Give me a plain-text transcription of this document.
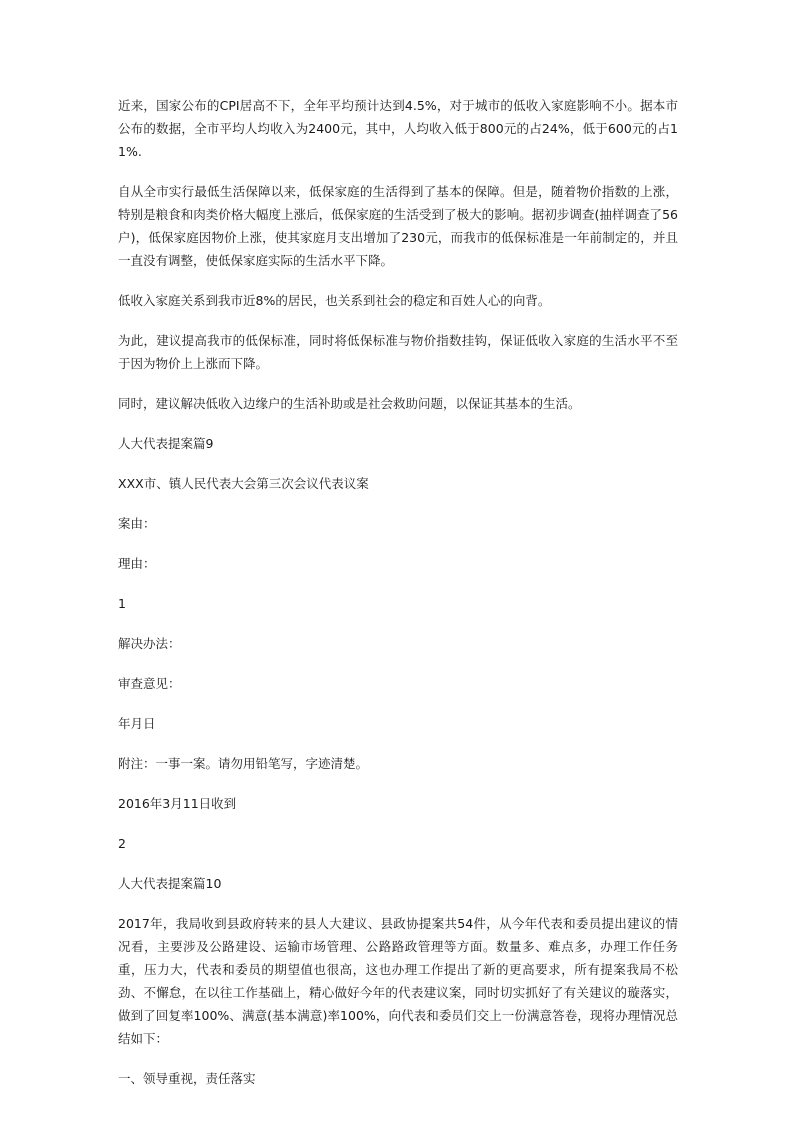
近来，国家公布的CPI居高不下，全年平均预计达到4.5%，对于城市的低收入家庭影响不小。据本市公布的数据，全市平均人均收入为2400元，其中，人均收入低于800元的占24%，低于600元的占11%.

自从全市实行最低生活保障以来，低保家庭的生活得到了基本的保障。但是，随着物价指数的上涨，特别是粮食和肉类价格大幅度上涨后，低保家庭的生活受到了极大的影响。据初步调查(抽样调查了56户)，低保家庭因物价上涨，使其家庭月支出增加了230元，而我市的低保标准是一年前制定的，并且一直没有调整，使低保家庭实际的生活水平下降。

低收入家庭关系到我市近8%的居民，也关系到社会的稳定和百姓人心的向背。

为此，建议提高我市的低保标准，同时将低保标准与物价指数挂钩，保证低收入家庭的生活水平不至于因为物价上上涨而下降。

同时，建议解决低收入边缘户的生活补助或是社会救助问题，以保证其基本的生活。

人大代表提案篇9

XXX市、镇人民代表大会第三次会议代表议案

案由：

理由：

1

解决办法：

审查意见：

年月日

附注：一事一案。请勿用铅笔写，字迹清楚。

2016年3月11日收到

2

人大代表提案篇10

2017年，我局收到县政府转来的县人大建议、县政协提案共54件，从今年代表和委员提出建议的情况看，主要涉及公路建设、运输市场管理、公路路政管理等方面。数量多、难点多，办理工作任务重，压力大，代表和委员的期望值也很高，这也办理工作提出了新的更高要求，所有提案我局不松劲、不懈怠，在以往工作基础上，精心做好今年的代表建议案，同时切实抓好了有关建议的璇落实，做到了回复率100%、满意(基本满意)率100%，向代表和委员们交上一份满意答卷，现将办理情况总结如下：

一、领导重视，责任落实
